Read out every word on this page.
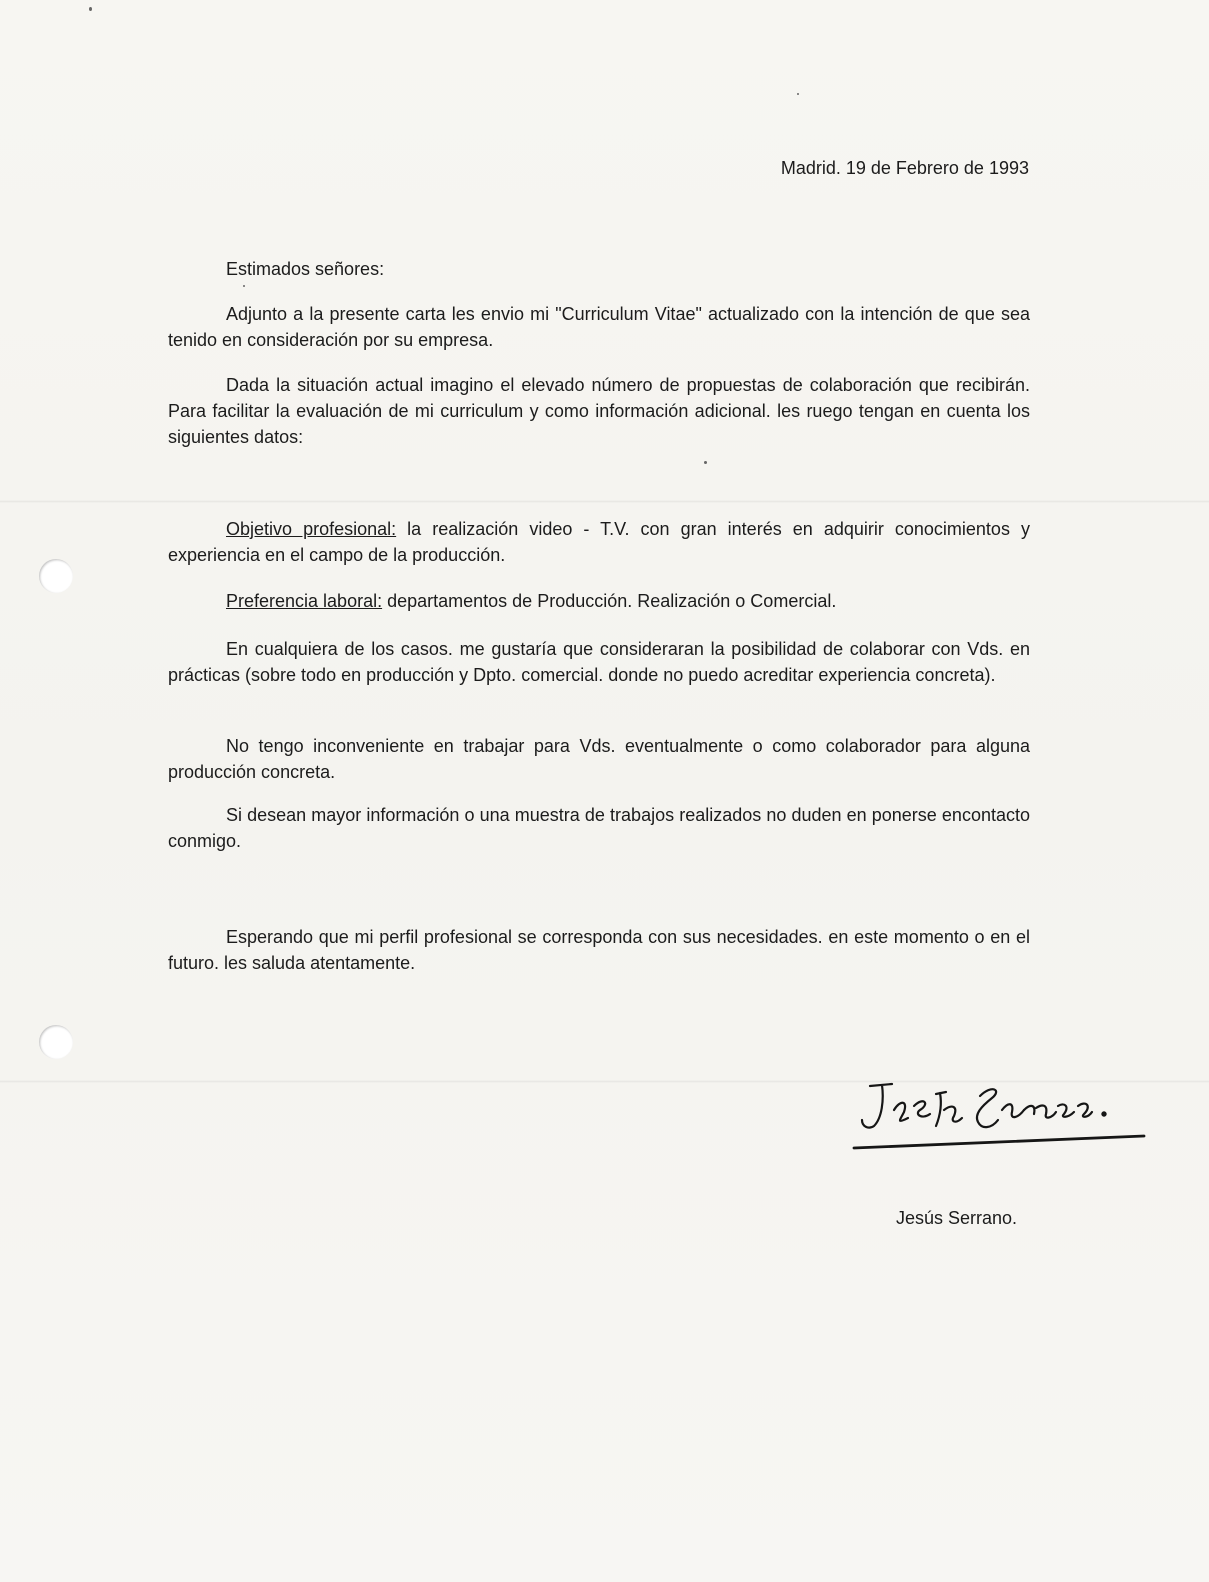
Madrid. 19 de Febrero de 1993
Estimados señores:

Adjunto a la presente carta les envio mi "Curriculum Vitae" actualizado con la intención de que sea tenido en consideración por su empresa.

Dada la situación actual imagino el elevado número de propuestas de colaboración que recibirán. Para facilitar la evaluación de mi curriculum y como información adicional. les ruego tengan en cuenta los siguientes datos:

Objetivo profesional: la realización video - T.V. con gran interés en adquirir conocimientos y experiencia en el campo de la producción.

Preferencia laboral: departamentos de Producción. Realización o Comercial.

En cualquiera de los casos. me gustaría que consideraran la posibilidad de colaborar con Vds. en prácticas (sobre todo en producción y Dpto. comercial. donde no puedo acreditar experiencia concreta).

No tengo inconveniente en trabajar para Vds. eventualmente o como colaborador para alguna producción concreta.

Si desean mayor información o una muestra de trabajos realizados no duden en ponerse encontacto conmigo.

Esperando que mi perfil profesional se corresponda con sus necesidades. en este momento o en el futuro. les saluda atentamente.

Jesús Serrano.
